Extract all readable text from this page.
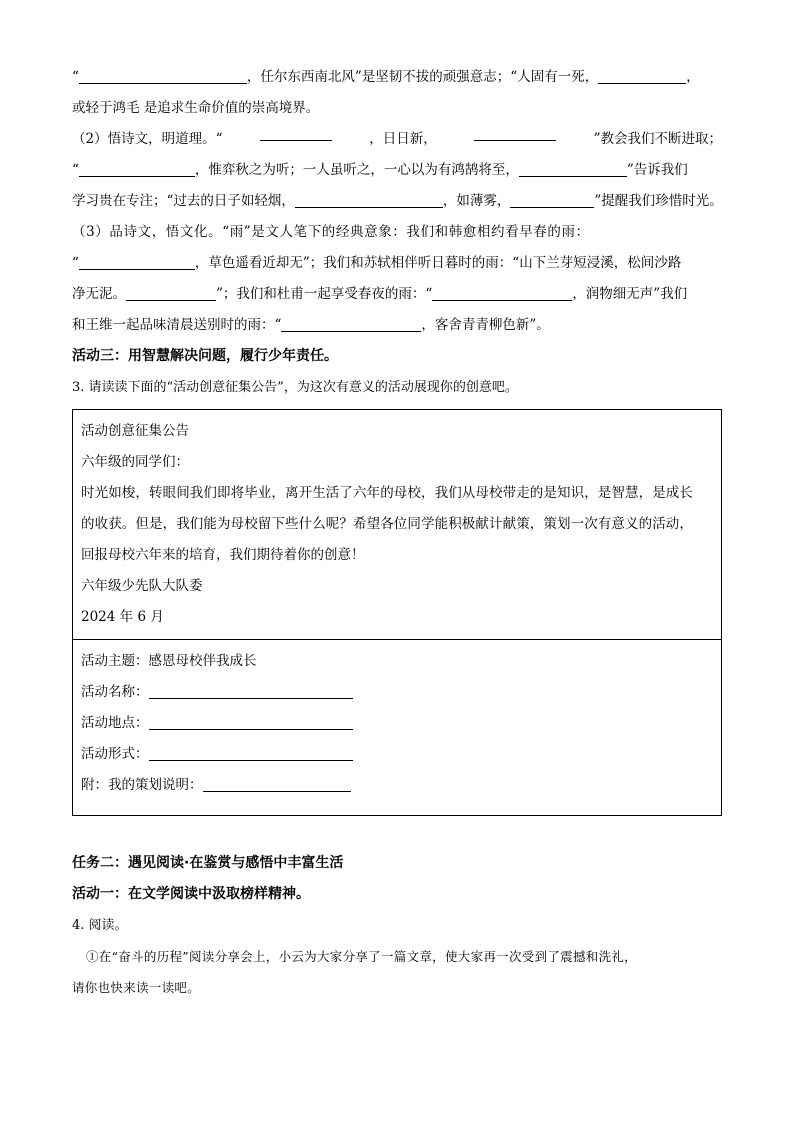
“	，任尔东西南北风”是坚韧不拔的顽强意志；“人固有一死，	，
或轻于鸿毛 是追求生命价值的崇高境界。
（2）悟诗文，明道理。“	，日日新，	”教会我们不断进取；
“	，惟弈秋之为听；一人虽听之，一心以为有鸿鹄将至，	”告诉我们
学习贵在专注；“过去的日子如轻烟，	，如薄雾，	”提醒我们珍惜时光。
（3）品诗文，悟文化。“雨”是文人笔下的经典意象：我们和韩愈相约看早春的雨：
“	，草色遥看近却无”；我们和苏轼相伴听日暮时的雨：“山下兰芽短浸溪，松间沙路
净无泥。	”；我们和杜甫一起享受春夜的雨：“	，润物细无声”我们
和王维一起品味清晨送别时的雨：“	，客舍青青柳色新”。
活动三：用智慧解决问题，履行少年责任。
3. 请读读下面的“活动创意征集公告”，为这次有意义的活动展现你的创意吧。
活动创意征集公告
六年级的同学们：
时光如梭，转眼间我们即将毕业，离开生活了六年的母校，我们从母校带走的是知识，是智慧，是成长
的收获。但是，我们能为母校留下些什么呢？希望各位同学能积极献计献策，策划一次有意义的活动，
回报母校六年来的培育，我们期待着你的创意！
六年级少先队大队委
2024 年 6 月
活动主题：感恩母校伴我成长
活动名称：
活动地点：
活动形式：
附：我的策划说明：
任务二：遇见阅读·在鉴赏与感悟中丰富生活
活动一：在文学阅读中汲取榜样精神。
4. 阅读。
①在“奋斗的历程”阅读分享会上，小云为大家分享了一篇文章，使大家再一次受到了震撼和洗礼，
请你也快来读一读吧。
